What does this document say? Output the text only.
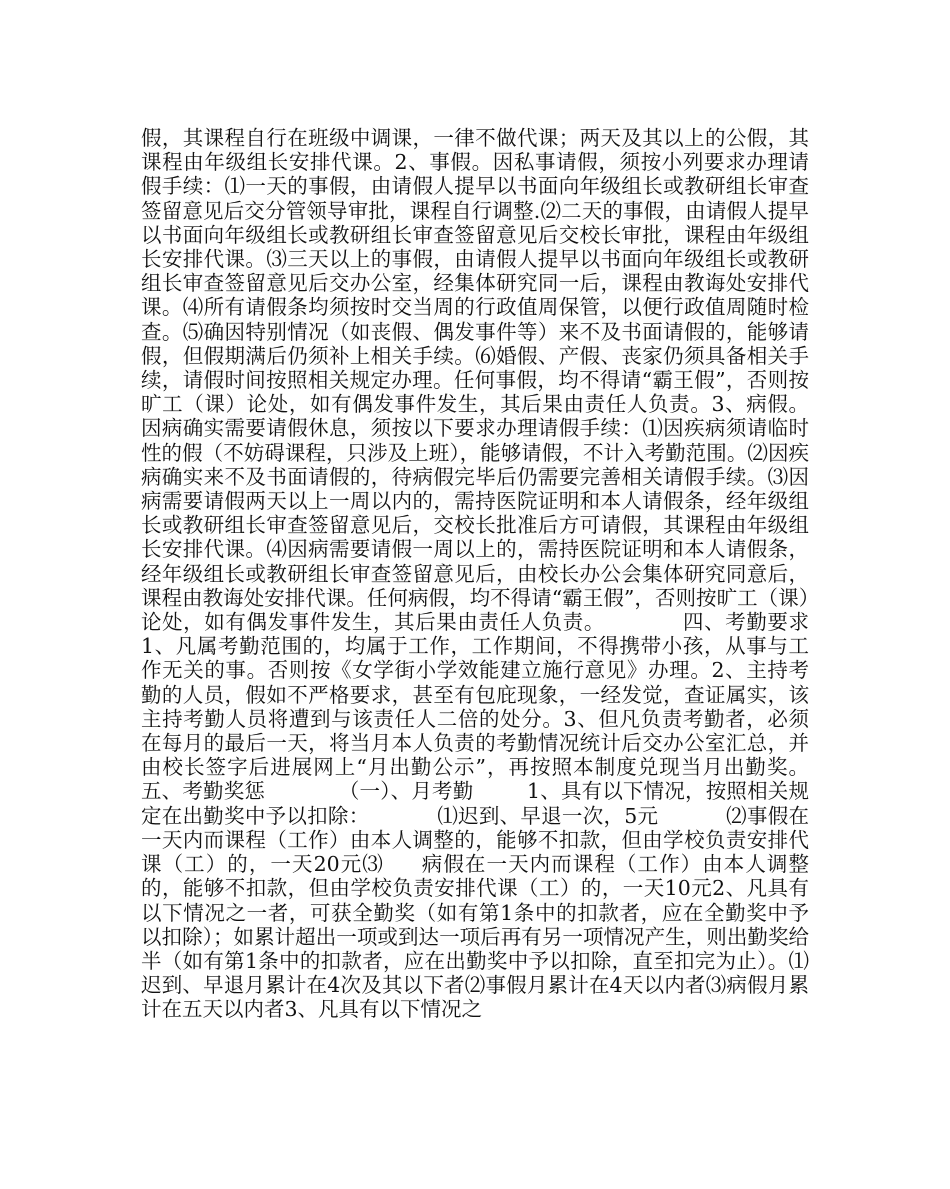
假，其课程自行在班级中调课，一律不做代课；两天及其以上的公假，其课程由年级组长安排代课。2、事假。因私事请假，须按小列要求办理请假手续：⑴一天的事假，由请假人提早以书面向年级组长或教研组长审查签留意见后交分管领导审批，课程自行调整.⑵二天的事假，由请假人提早以书面向年级组长或教研组长审查签留意见后交校长审批，课程由年级组长安排代课。⑶三天以上的事假，由请假人提早以书面向年级组长或教研组长审查签留意见后交办公室，经集体研究同一后，课程由教诲处安排代课。⑷所有请假条均须按时交当周的行政值周保管，以便行政值周随时检查。⑸确因特别情况（如丧假、偶发事件等）来不及书面请假的，能够请假，但假期满后仍须补上相关手续。⑹婚假、产假、丧家仍须具备相关手续，请假时间按照相关规定办理。任何事假，均不得请“霸王假”，否则按旷工（课）论处，如有偶发事件发生，其后果由责任人负责。3、病假。因病确实需要请假休息，须按以下要求办理请假手续：⑴因疾病须请临时性的假（不妨碍课程，只涉及上班），能够请假，不计入考勤范围。⑵因疾病确实来不及书面请假的，待病假完毕后仍需要完善相关请假手续。⑶因病需要请假两天以上一周以内的，需持医院证明和本人请假条，经年级组长或教研组长审查签留意见后，交校长批准后方可请假，其课程由年级组长安排代课。⑷因病需要请假一周以上的，需持医院证明和本人请假条，经年级组长或教研组长审查签留意见后，由校长办公会集体研究同意后，课程由教诲处安排代课。任何病假，均不得请“霸王假”，否则按旷工（课）论处，如有偶发事件发生，其后果由责任人负责。           四、考勤要求           1、凡属考勤范围的，均属于工作，工作期间，不得携带小孩，从事与工作无关的事。否则按《女学街小学效能建立施行意见》办理。2、主持考勤的人员，假如不严格要求，甚至有包庇现象，一经发觉，查证属实，该主持考勤人员将遭到与该责任人二倍的处分。3、但凡负责考勤者，必须在每月的最后一天，将当月本人负责的考勤情况统计后交办公室汇总，并由校长签字后进展网上“月出勤公示”，再按照本制度兑现当月出勤奖。           五、考勤奖惩           （一）、月考勤        1、具有以下情况，按照相关规定在出勤奖中予以扣除：          ⑴迟到、早退一次，5元          ⑵事假在一天内而课程（工作）由本人调整的，能够不扣款，但由学校负责安排代课（工）的，一天20元⑶     病假在一天内而课程（工作）由本人调整的，能够不扣款，但由学校负责安排代课（工）的，一天10元2、凡具有以下情况之一者，可获全勤奖（如有第1条中的扣款者，应在全勤奖中予以扣除）；如累计超出一项或到达一项后再有另一项情况产生，则出勤奖给半（如有第1条中的扣款者，应在出勤奖中予以扣除，直至扣完为止）。⑴迟到、早退月累计在4次及其以下者⑵事假月累计在4天以内者⑶病假月累计在五天以内者3、凡具有以下情况之
